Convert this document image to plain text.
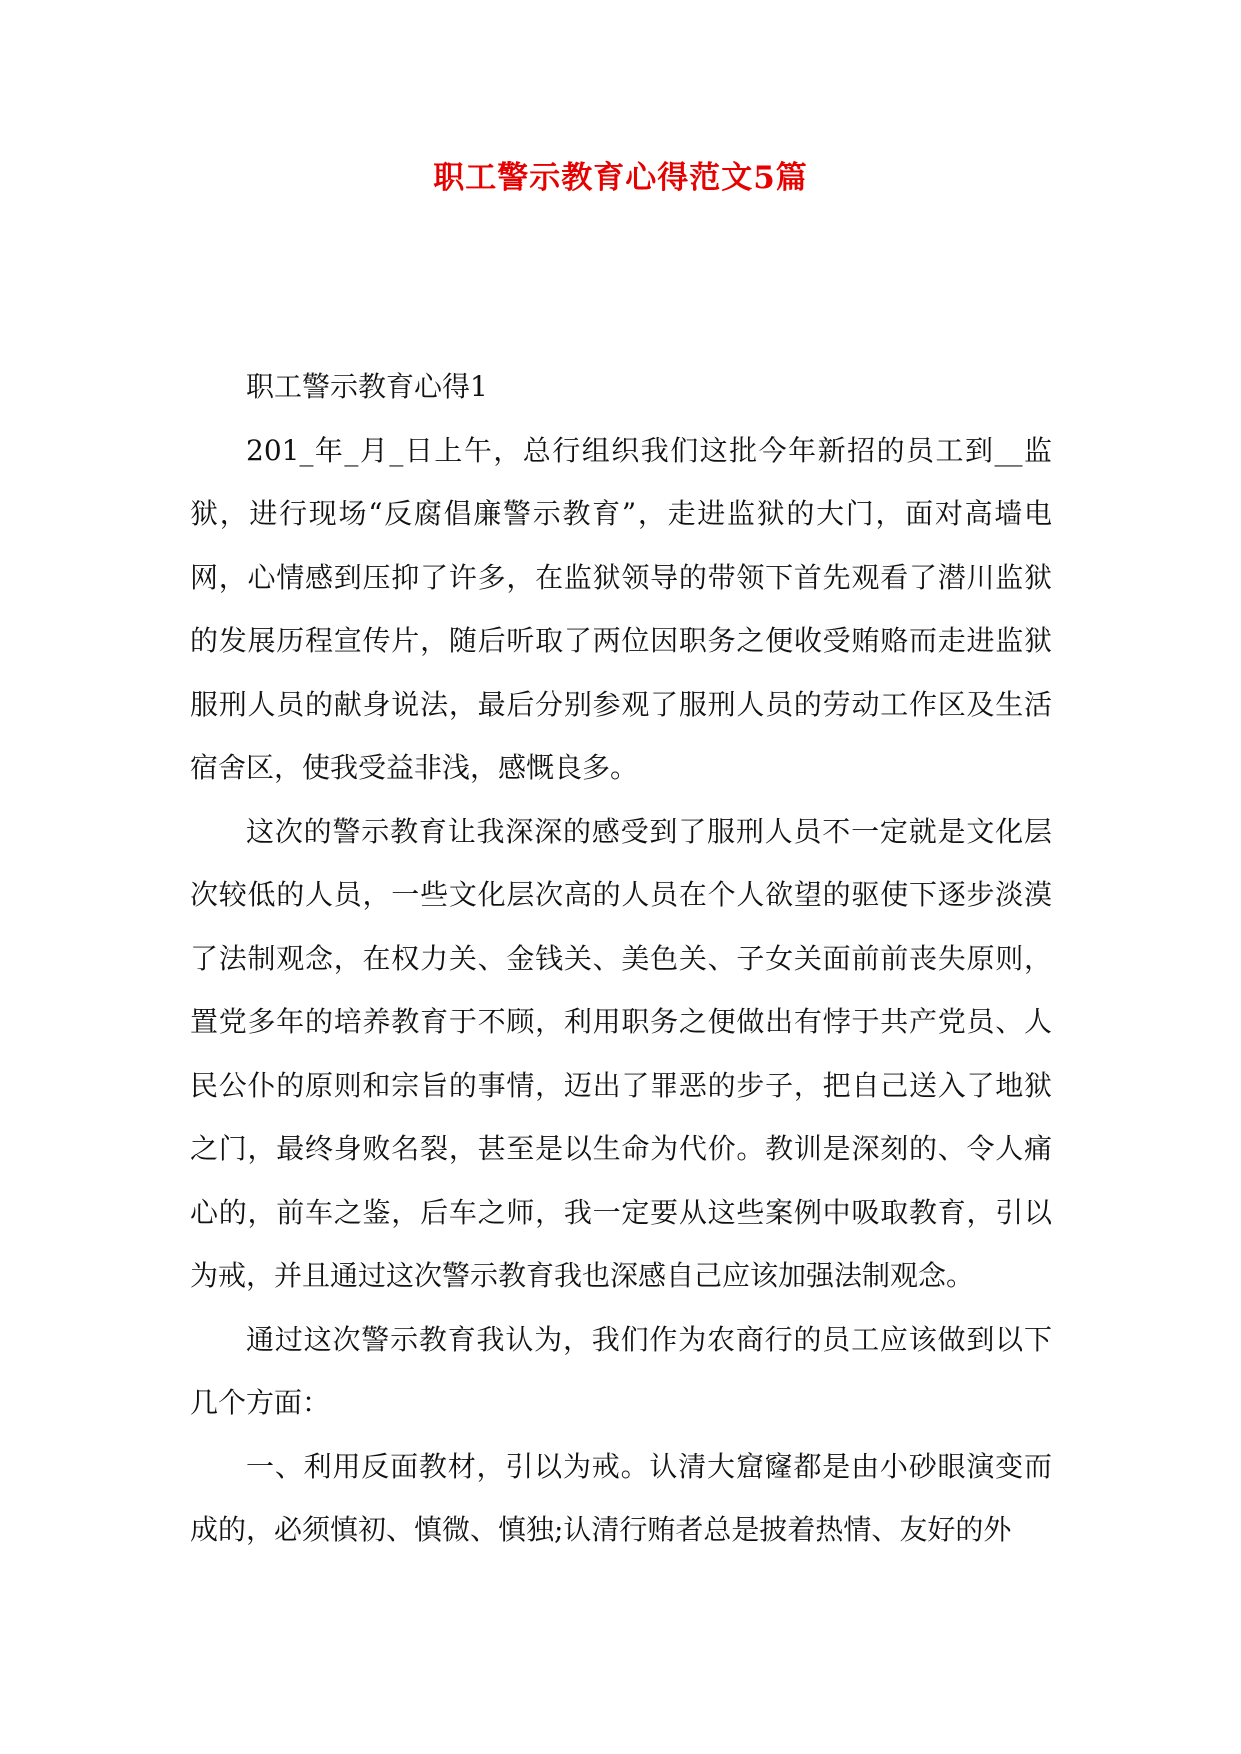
职工警示教育心得范文5篇

职工警示教育心得1

201_年_月_日上午，总行组织我们这批今年新招的员工到__监狱，进行现场“反腐倡廉警示教育”，走进监狱的大门，面对高墙电网，心情感到压抑了许多，在监狱领导的带领下首先观看了潜川监狱的发展历程宣传片，随后听取了两位因职务之便收受贿赂而走进监狱服刑人员的献身说法，最后分别参观了服刑人员的劳动工作区及生活宿舍区，使我受益非浅，感慨良多。

这次的警示教育让我深深的感受到了服刑人员不一定就是文化层次较低的人员，一些文化层次高的人员在个人欲望的驱使下逐步淡漠了法制观念，在权力关、金钱关、美色关、子女关面前前丧失原则，置党多年的培养教育于不顾，利用职务之便做出有悖于共产党员、人民公仆的原则和宗旨的事情，迈出了罪恶的步子，把自己送入了地狱之门，最终身败名裂，甚至是以生命为代价。教训是深刻的、令人痛心的，前车之鉴，后车之师，我一定要从这些案例中吸取教育，引以为戒，并且通过这次警示教育我也深感自己应该加强法制观念。

通过这次警示教育我认为，我们作为农商行的员工应该做到以下几个方面：

一、利用反面教材，引以为戒。认清大窟窿都是由小砂眼演变而成的，必须慎初、慎微、慎独;认清行贿者总是披着热情、友好的外
